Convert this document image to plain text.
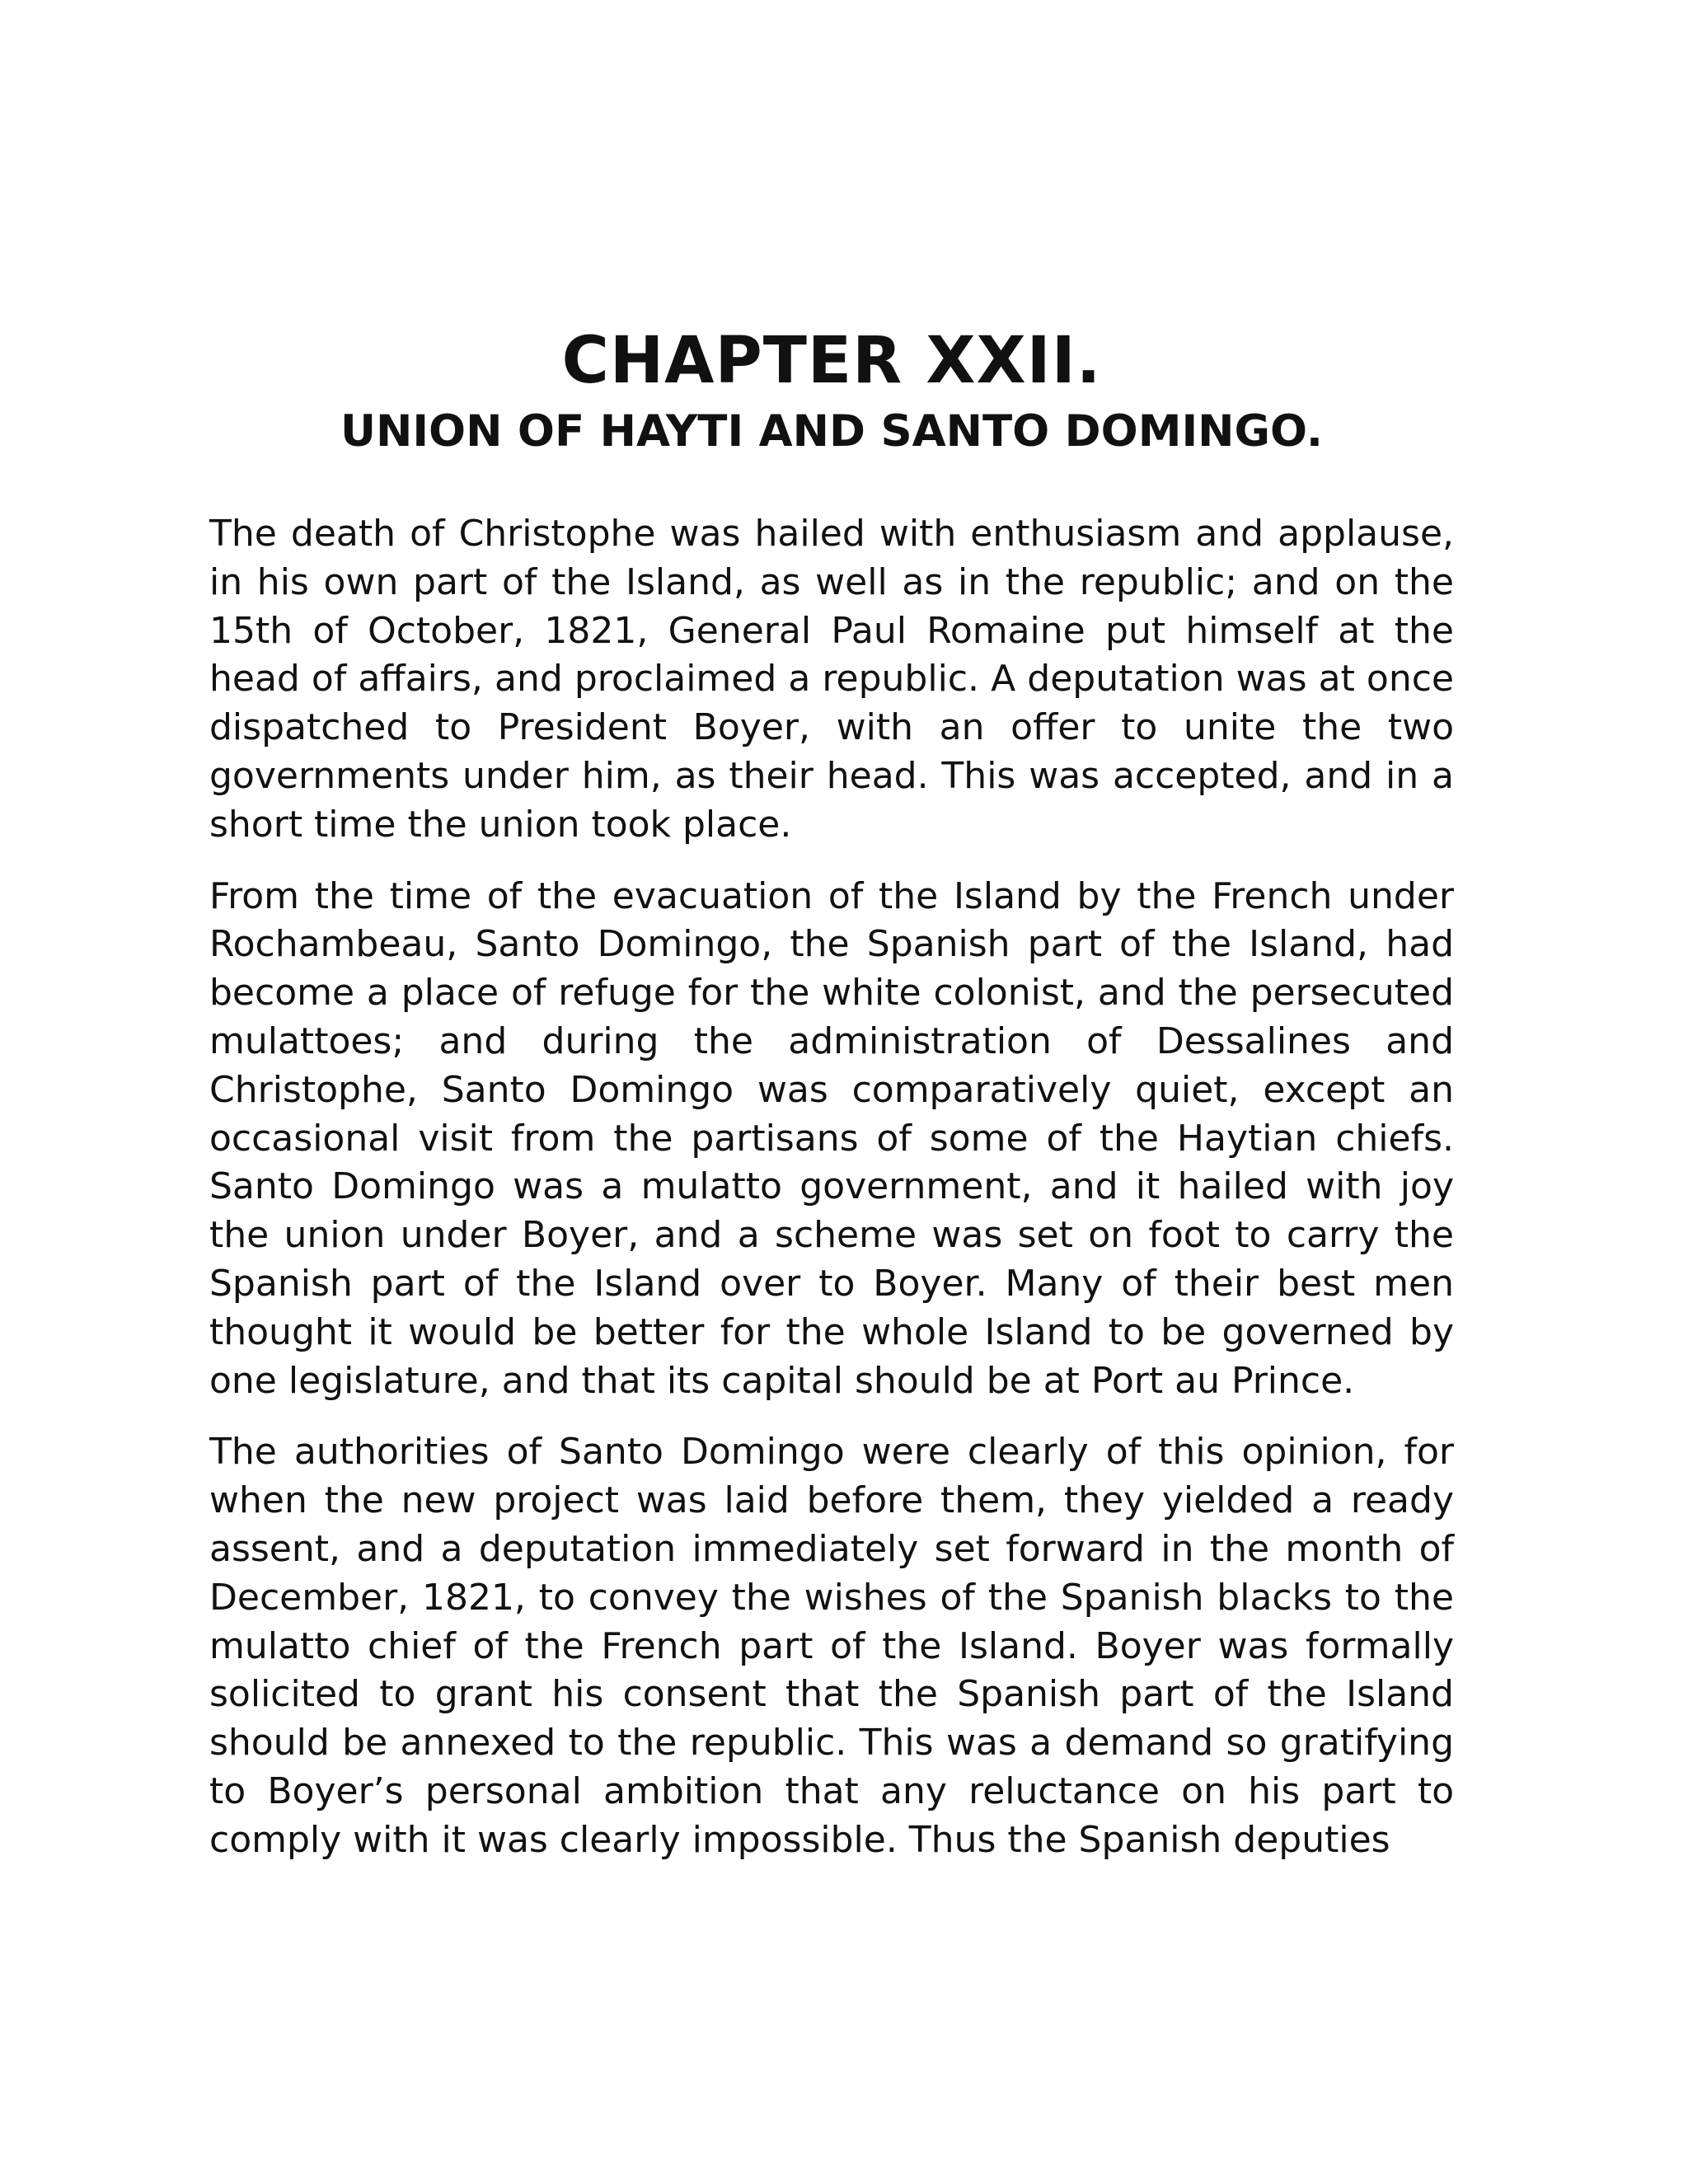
CHAPTER XXII.
UNION OF HAYTI AND SANTO DOMINGO.

The death of Christophe was hailed with enthusiasm and applause, in his own part of the Island, as well as in the republic; and on the 15th of October, 1821, General Paul Romaine put himself at the head of affairs, and proclaimed a republic. A deputation was at once dispatched to President Boyer, with an offer to unite the two governments under him, as their head. This was accepted, and in a short time the union took place.

From the time of the evacuation of the Island by the French under Rochambeau, Santo Domingo, the Spanish part of the Island, had become a place of refuge for the white colonist, and the persecuted mulattoes; and during the administration of Dessalines and Christophe, Santo Domingo was comparatively quiet, except an occasional visit from the partisans of some of the Haytian chiefs. Santo Domingo was a mulatto government, and it hailed with joy the union under Boyer, and a scheme was set on foot to carry the Spanish part of the Island over to Boyer. Many of their best men thought it would be better for the whole Island to be governed by one legislature, and that its capital should be at Port au Prince.

The authorities of Santo Domingo were clearly of this opinion, for when the new project was laid before them, they yielded a ready assent, and a deputation immediately set forward in the month of December, 1821, to convey the wishes of the Spanish blacks to the mulatto chief of the French part of the Island. Boyer was formally solicited to grant his consent that the Spanish part of the Island should be annexed to the republic. This was a demand so gratifying to Boyer’s personal ambition that any reluctance on his part to comply with it was clearly impossible. Thus the Spanish deputies
